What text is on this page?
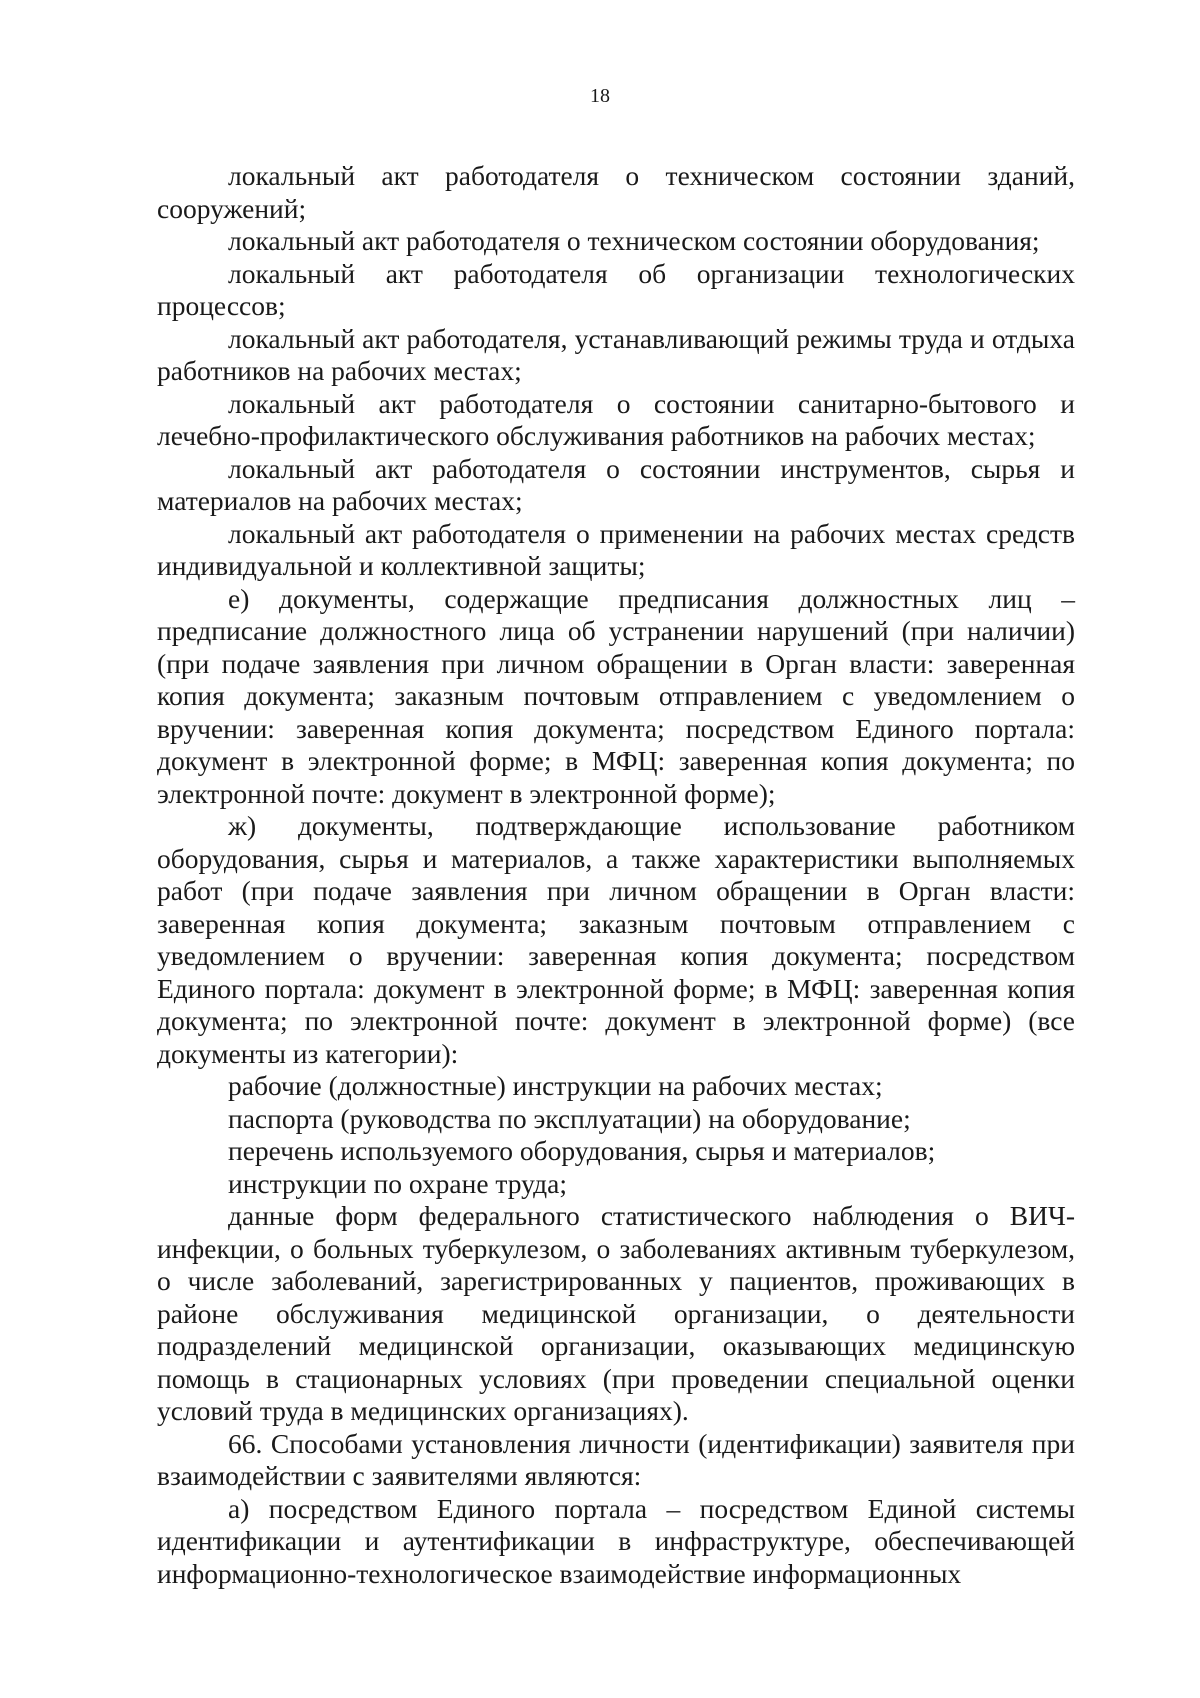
18

локальный акт работодателя о техническом состоянии зданий, сооружений;

локальный акт работодателя о техническом состоянии оборудования;

локальный акт работодателя об организации технологических процессов;

локальный акт работодателя, устанавливающий режимы труда и отдыха работников на рабочих местах;

локальный акт работодателя о состоянии санитарно-бытового и лечебно-профилактического обслуживания работников на рабочих местах;

локальный акт работодателя о состоянии инструментов, сырья и материалов на рабочих местах;

локальный акт работодателя о применении на рабочих местах средств индивидуальной и коллективной защиты;

е) документы, содержащие предписания должностных лиц – предписание должностного лица об устранении нарушений (при наличии) (при подаче заявления при личном обращении в Орган власти: заверенная копия документа; заказным почтовым отправлением с уведомлением о вручении: заверенная копия документа; посредством Единого портала: документ в электронной форме; в МФЦ: заверенная копия документа; по электронной почте: документ в электронной форме);

ж) документы, подтверждающие использование работником оборудования, сырья и материалов, а также характеристики выполняемых работ (при подаче заявления при личном обращении в Орган власти: заверенная копия документа; заказным почтовым отправлением с уведомлением о вручении: заверенная копия документа; посредством Единого портала: документ в электронной форме; в МФЦ: заверенная копия документа; по электронной почте: документ в электронной форме) (все документы из категории):

рабочие (должностные) инструкции на рабочих местах;

паспорта (руководства по эксплуатации) на оборудование;

перечень используемого оборудования, сырья и материалов;

инструкции по охране труда;

данные форм федерального статистического наблюдения о ВИЧ-инфекции, о больных туберкулезом, о заболеваниях активным туберкулезом, о числе заболеваний, зарегистрированных у пациентов, проживающих в районе обслуживания медицинской организации, о деятельности подразделений медицинской организации, оказывающих медицинскую помощь в стационарных условиях (при проведении специальной оценки условий труда в медицинских организациях).

66. Способами установления личности (идентификации) заявителя при взаимодействии с заявителями являются:

а) посредством Единого портала – посредством Единой системы идентификации и аутентификации в инфраструктуре, обеспечивающей информационно-технологическое взаимодействие информационных
